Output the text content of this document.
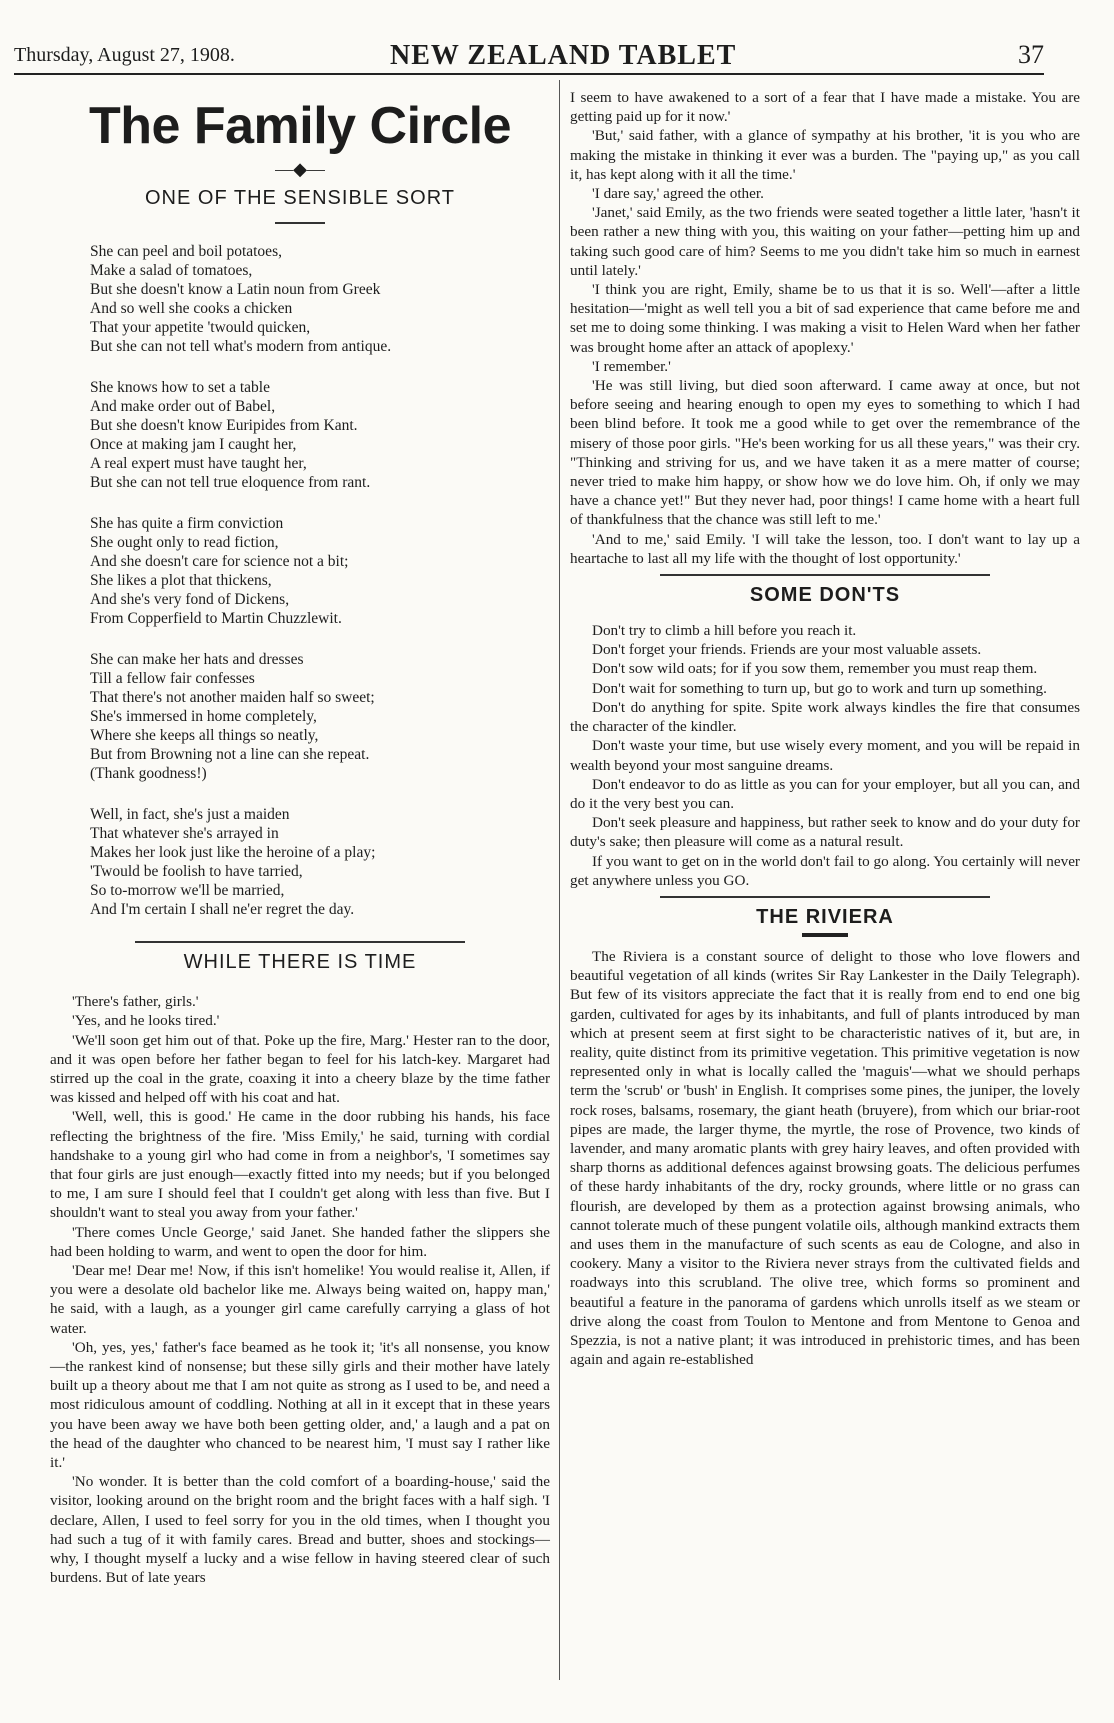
Thursday, August 27, 1908.	NEW ZEALAND TABLET	37
The Family Circle
—◆—
ONE OF THE SENSIBLE SORT
She can peel and boil potatoes,
Make a salad of tomatoes,
But she doesn't know a Latin noun from Greek
And so well she cooks a chicken
That your appetite 'twould quicken,
But she can not tell what's modern from antique.
She knows how to set a table
And make order out of Babel,
But she doesn't know Euripides from Kant.
Once at making jam I caught her,
A real expert must have taught her,
But she can not tell true eloquence from rant.
She has quite a firm conviction
She ought only to read fiction,
And she doesn't care for science not a bit;
She likes a plot that thickens,
And she's very fond of Dickens,
From Copperfield to Martin Chuzzlewit.
She can make her hats and dresses
Till a fellow fair confesses
That there's not another maiden half so sweet;
She's immersed in home completely,
Where she keeps all things so neatly,
But from Browning not a line can she repeat.
(Thank goodness!)
Well, in fact, she's just a maiden
That whatever she's arrayed in
Makes her look just like the heroine of a play;
'Twould be foolish to have tarried,
So to-morrow we'll be married,
And I'm certain I shall ne'er regret the day.
WHILE THERE IS TIME

'There's father, girls.'

'Yes, and he looks tired.'

'We'll soon get him out of that. Poke up the fire, Marg.' Hester ran to the door, and it was open before her father began to feel for his latch-key. Margaret had stirred up the coal in the grate, coaxing it into a cheery blaze by the time father was kissed and helped off with his coat and hat.

'Well, well, this is good.' He came in the door rubbing his hands, his face reflecting the brightness of the fire. 'Miss Emily,' he said, turning with cordial handshake to a young girl who had come in from a neighbor's, 'I sometimes say that four girls are just enough—exactly fitted into my needs; but if you belonged to me, I am sure I should feel that I couldn't get along with less than five. But I shouldn't want to steal you away from your father.'

'There comes Uncle George,' said Janet. She handed father the slippers she had been holding to warm, and went to open the door for him.

'Dear me! Dear me! Now, if this isn't homelike! You would realise it, Allen, if you were a desolate old bachelor like me. Always being waited on, happy man,' he said, with a laugh, as a younger girl came carefully carrying a glass of hot water.

'Oh, yes, yes,' father's face beamed as he took it; 'it's all nonsense, you know—the rankest kind of nonsense; but these silly girls and their mother have lately built up a theory about me that I am not quite as strong as I used to be, and need a most ridiculous amount of coddling. Nothing at all in it except that in these years you have been away we have both been getting older, and,' a laugh and a pat on the head of the daughter who chanced to be nearest him, 'I must say I rather like it.'

'No wonder. It is better than the cold comfort of a boarding-house,' said the visitor, looking around on the bright room and the bright faces with a half sigh. 'I declare, Allen, I used to feel sorry for you in the old times, when I thought you had such a tug of it with family cares. Bread and butter, shoes and stockings—why, I thought myself a lucky and a wise fellow in having steered clear of such burdens. But of late years

I seem to have awakened to a sort of a fear that I have made a mistake. You are getting paid up for it now.'

'But,' said father, with a glance of sympathy at his brother, 'it is you who are making the mistake in thinking it ever was a burden. The "paying up," as you call it, has kept along with it all the time.'

'I dare say,' agreed the other.

'Janet,' said Emily, as the two friends were seated together a little later, 'hasn't it been rather a new thing with you, this waiting on your father—petting him up and taking such good care of him? Seems to me you didn't take him so much in earnest until lately.'

'I think you are right, Emily, shame be to us that it is so. Well'—after a little hesitation—'might as well tell you a bit of sad experience that came before me and set me to doing some thinking. I was making a visit to Helen Ward when her father was brought home after an attack of apoplexy.'

'I remember.'

'He was still living, but died soon afterward. I came away at once, but not before seeing and hearing enough to open my eyes to something to which I had been blind before. It took me a good while to get over the remembrance of the misery of those poor girls. "He's been working for us all these years," was their cry. "Thinking and striving for us, and we have taken it as a mere matter of course; never tried to make him happy, or show how we do love him. Oh, if only we may have a chance yet!" But they never had, poor things! I came home with a heart full of thankfulness that the chance was still left to me.'

'And to me,' said Emily. 'I will take the lesson, too. I don't want to lay up a heartache to last all my life with the thought of lost opportunity.'

SOME DON'TS

Don't try to climb a hill before you reach it.

Don't forget your friends. Friends are your most valuable assets.

Don't sow wild oats; for if you sow them, remember you must reap them.

Don't wait for something to turn up, but go to work and turn up something.

Don't do anything for spite. Spite work always kindles the fire that consumes the character of the kindler.

Don't waste your time, but use wisely every moment, and you will be repaid in wealth beyond your most sanguine dreams.

Don't endeavor to do as little as you can for your employer, but all you can, and do it the very best you can.

Don't seek pleasure and happiness, but rather seek to know and do your duty for duty's sake; then pleasure will come as a natural result.

If you want to get on in the world don't fail to go along. You certainly will never get anywhere unless you GO.

THE RIVIERA

The Riviera is a constant source of delight to those who love flowers and beautiful vegetation of all kinds (writes Sir Ray Lankester in the Daily Telegraph). But few of its visitors appreciate the fact that it is really from end to end one big garden, cultivated for ages by its inhabitants, and full of plants introduced by man which at present seem at first sight to be characteristic natives of it, but are, in reality, quite distinct from its primitive vegetation. This primitive vegetation is now represented only in what is locally called the 'maguis'—what we should perhaps term the 'scrub' or 'bush' in English. It comprises some pines, the juniper, the lovely rock roses, balsams, rosemary, the giant heath (bruyere), from which our briar-root pipes are made, the larger thyme, the myrtle, the rose of Provence, two kinds of lavender, and many aromatic plants with grey hairy leaves, and often provided with sharp thorns as additional defences against browsing goats. The delicious perfumes of these hardy inhabitants of the dry, rocky grounds, where little or no grass can flourish, are developed by them as a protection against browsing animals, who cannot tolerate much of these pungent volatile oils, although mankind extracts them and uses them in the manufacture of such scents as eau de Cologne, and also in cookery. Many a visitor to the Riviera never strays from the cultivated fields and roadways into this scrubland. The olive tree, which forms so prominent and beautiful a feature in the panorama of gardens which unrolls itself as we steam or drive along the coast from Toulon to Mentone and from Mentone to Genoa and Spezzia, is not a native plant; it was introduced in prehistoric times, and has been again and again re-established
